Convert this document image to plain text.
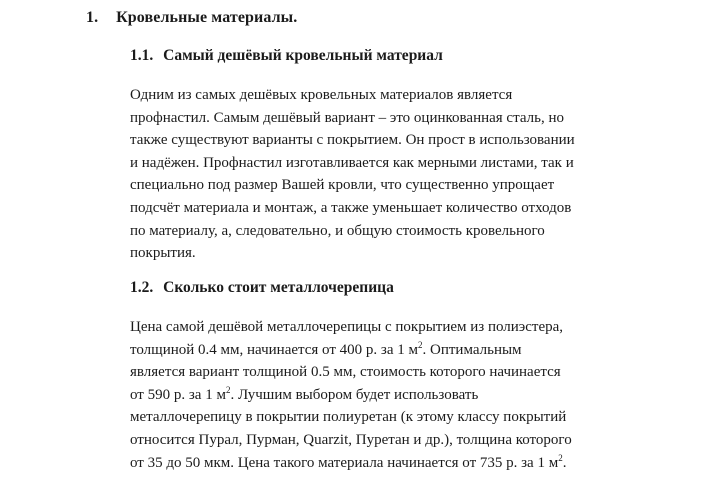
1. Кровельные материалы.
1.1. Самый дешёвый кровельный материал
Одним из самых дешёвых кровельных материалов является
профнастил. Самым дешёвый вариант – это оцинкованная сталь, но
также существуют варианты с покрытием. Он прост в использовании
и надёжен. Профнастил изготавливается как мерными листами, так и
специально под размер Вашей кровли, что существенно упрощает
подсчёт материала и монтаж, а также уменьшает количество отходов
по материалу, а, следовательно, и общую стоимость кровельного
покрытия.
1.2. Сколько стоит металлочерепица
Цена самой дешёвой металлочерепицы с покрытием из полиэстера,
толщиной 0.4 мм, начинается от 400 р. за 1 $м^2$. Оптимальным
является вариант толщиной 0.5 мм, стоимость которого начинается
от 590 р. за 1 $м^2$. Лучшим выбором будет использовать
металлочерепицу в покрытии полиуретан (к этому классу покрытий
относится Пурал, Пурман, Quarzit, Пуретан и др.), толщина которого
от 35 до 50 мкм. Цена такого материала начинается от 735 р. за 1 $м^2$.
